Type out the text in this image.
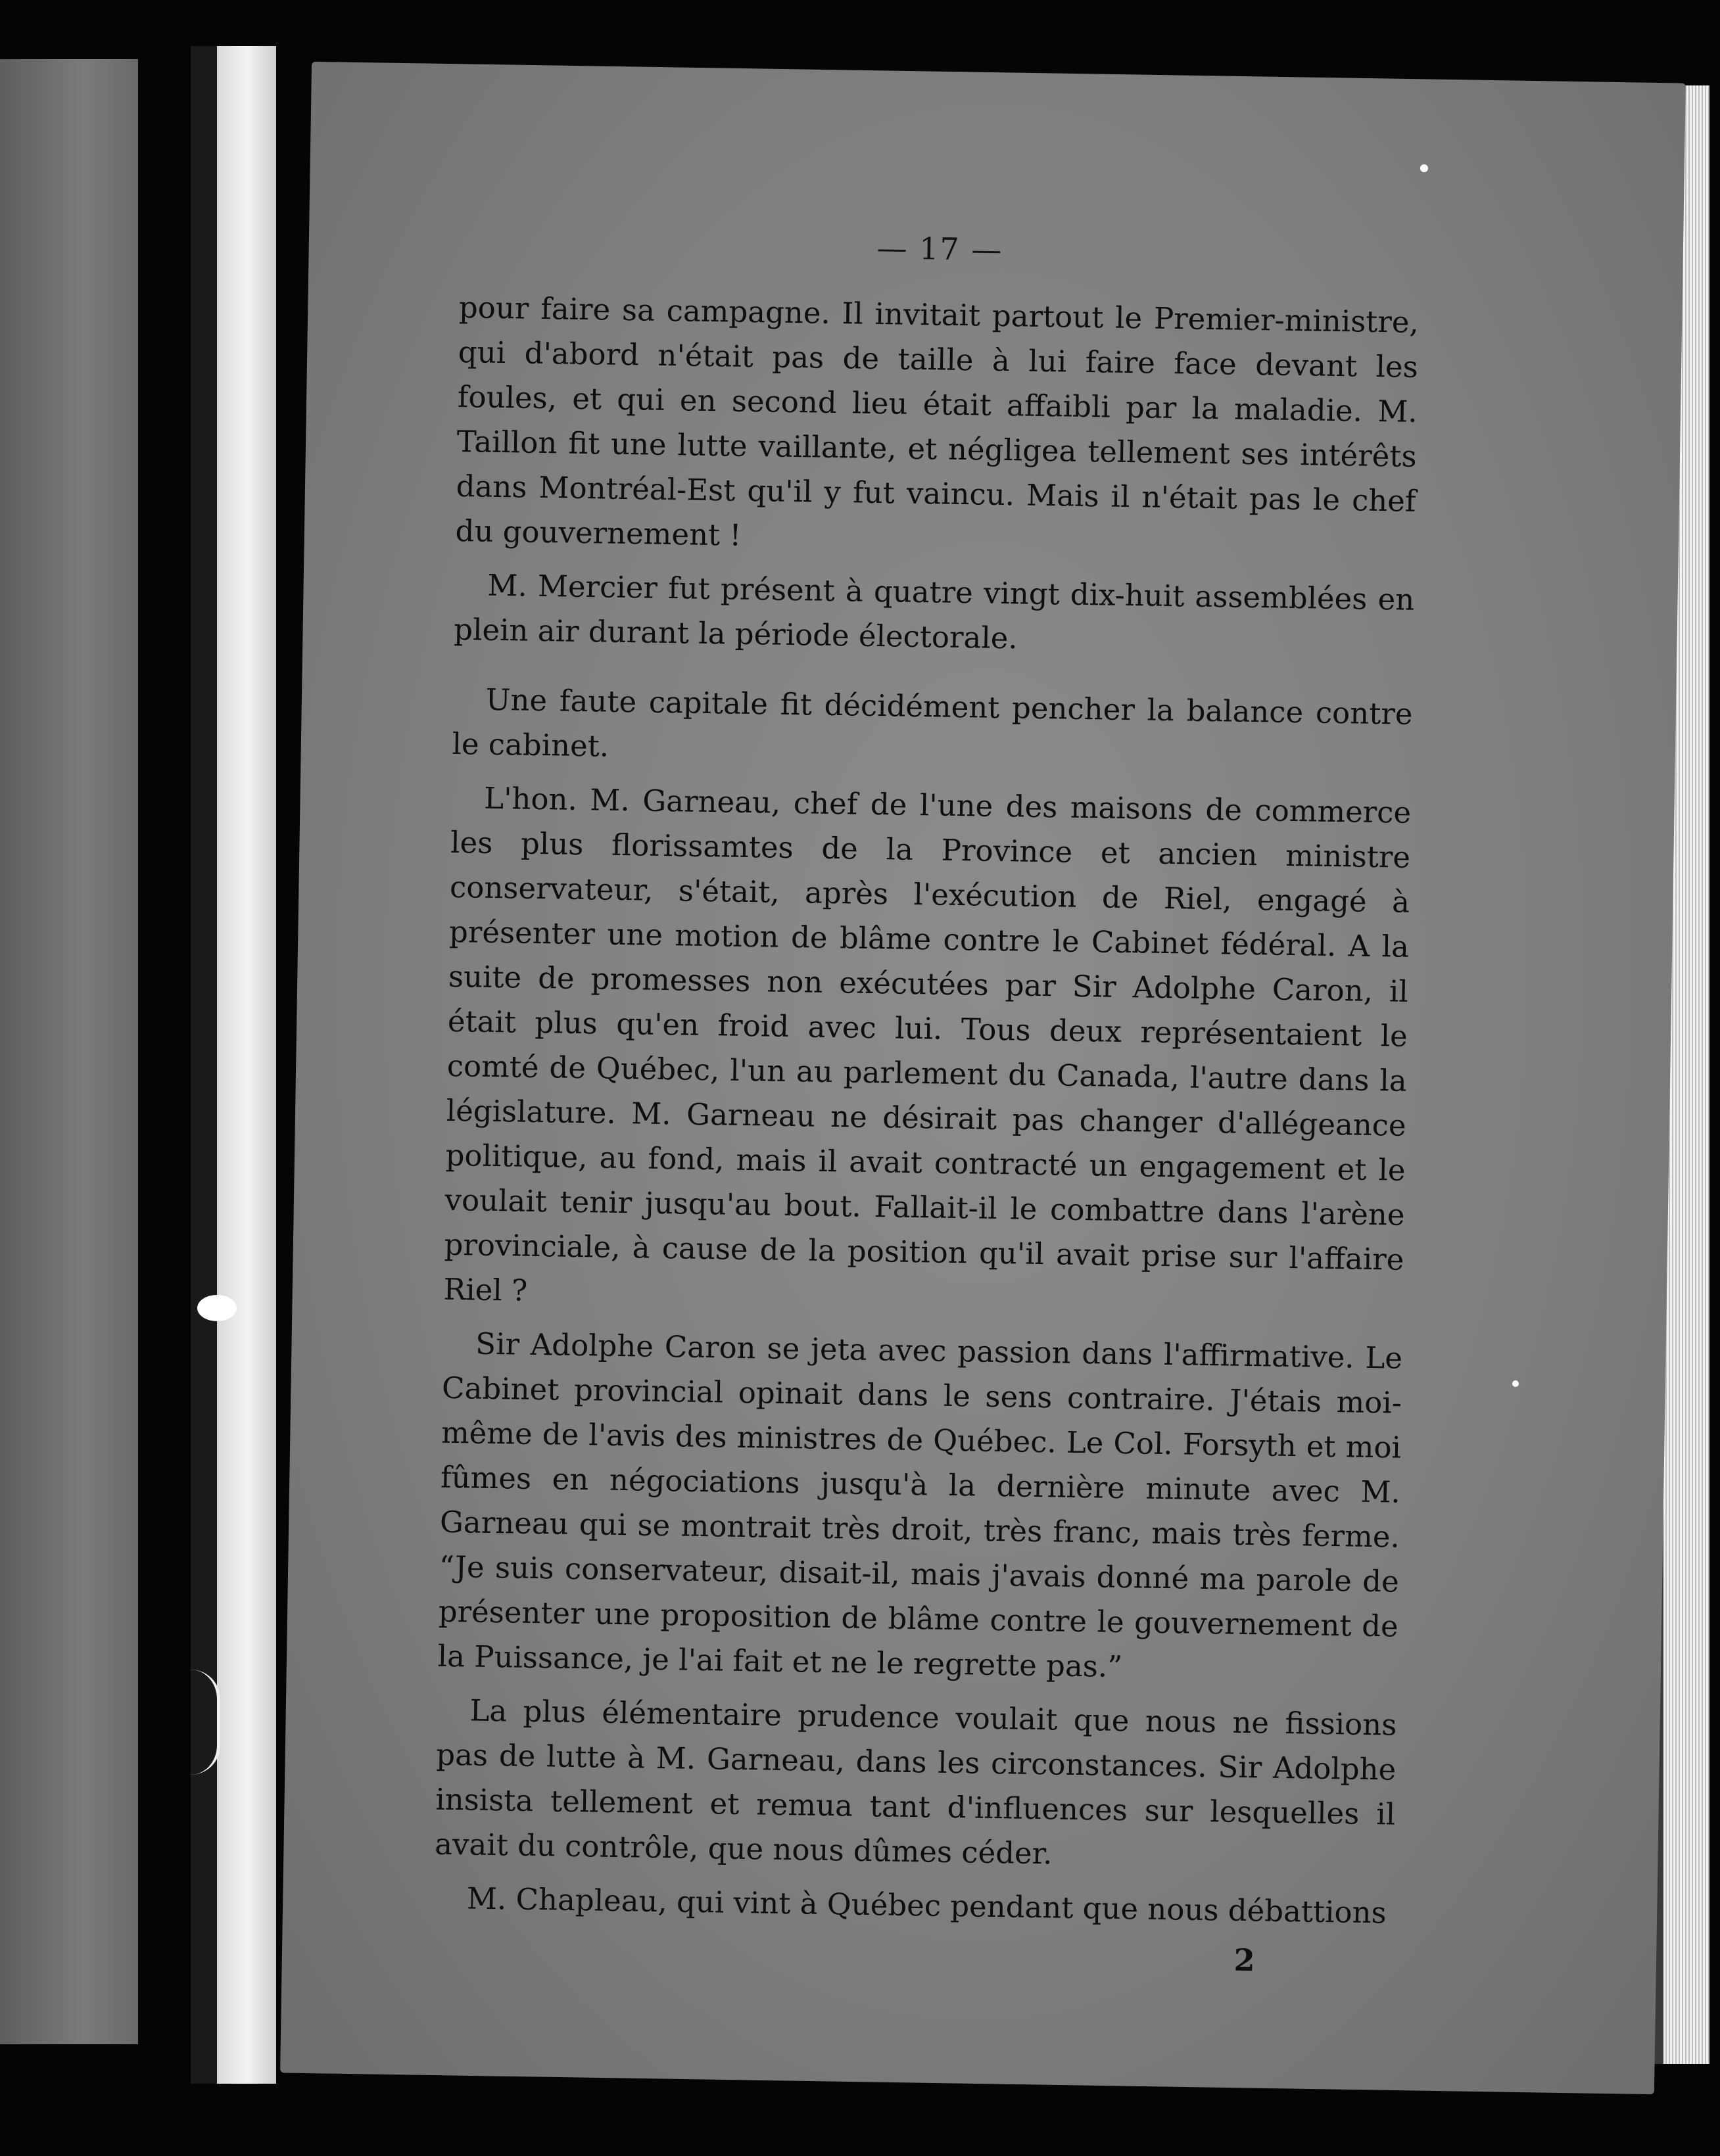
— 17 —

pour faire sa campagne. Il invitait partout le Premier-ministre, qui d'abord n'était pas de taille à lui faire face devant les foules, et qui en second lieu était affaibli par la maladie. M. Taillon fit une lutte vaillante, et négligea tellement ses intérêts dans Montréal-Est qu'il y fut vaincu. Mais il n'était pas le chef du gouvernement !

M. Mercier fut présent à quatre vingt dix-huit assemblées en plein air durant la période électorale.

Une faute capitale fit décidément pencher la balance contre le cabinet.

L'hon. M. Garneau, chef de l'une des maisons de commerce les plus florissamtes de la Province et ancien ministre conservateur, s'était, après l'exécution de Riel, engagé à présenter une motion de blâme contre le Cabinet fédéral. A la suite de promesses non exécutées par Sir Adolphe Caron, il était plus qu'en froid avec lui. Tous deux représentaient le comté de Québec, l'un au parlement du Canada, l'autre dans la législature. M. Garneau ne désirait pas changer d'allégeance politique, au fond, mais il avait contracté un engagement et le voulait tenir jusqu'au bout. Fallait-il le combattre dans l'arène provinciale, à cause de la position qu'il avait prise sur l'affaire Riel ?

Sir Adolphe Caron se jeta avec passion dans l'affirmative. Le Cabinet provincial opinait dans le sens contraire. J'étais moi-même de l'avis des ministres de Québec. Le Col. Forsyth et moi fûmes en négociations jusqu'à la dernière minute avec M. Garneau qui se montrait très droit, très franc, mais très ferme. “Je suis conservateur, disait-il, mais j'avais donné ma parole de présenter une proposition de blâme contre le gouvernement de la Puissance, je l'ai fait et ne le regrette pas.”

La plus élémentaire prudence voulait que nous ne fissions pas de lutte à M. Garneau, dans les circonstances. Sir Adolphe insista tellement et remua tant d'influences sur lesquelles il avait du contrôle, que nous dûmes céder.

M. Chapleau, qui vint à Québec pendant que nous débattions

2
